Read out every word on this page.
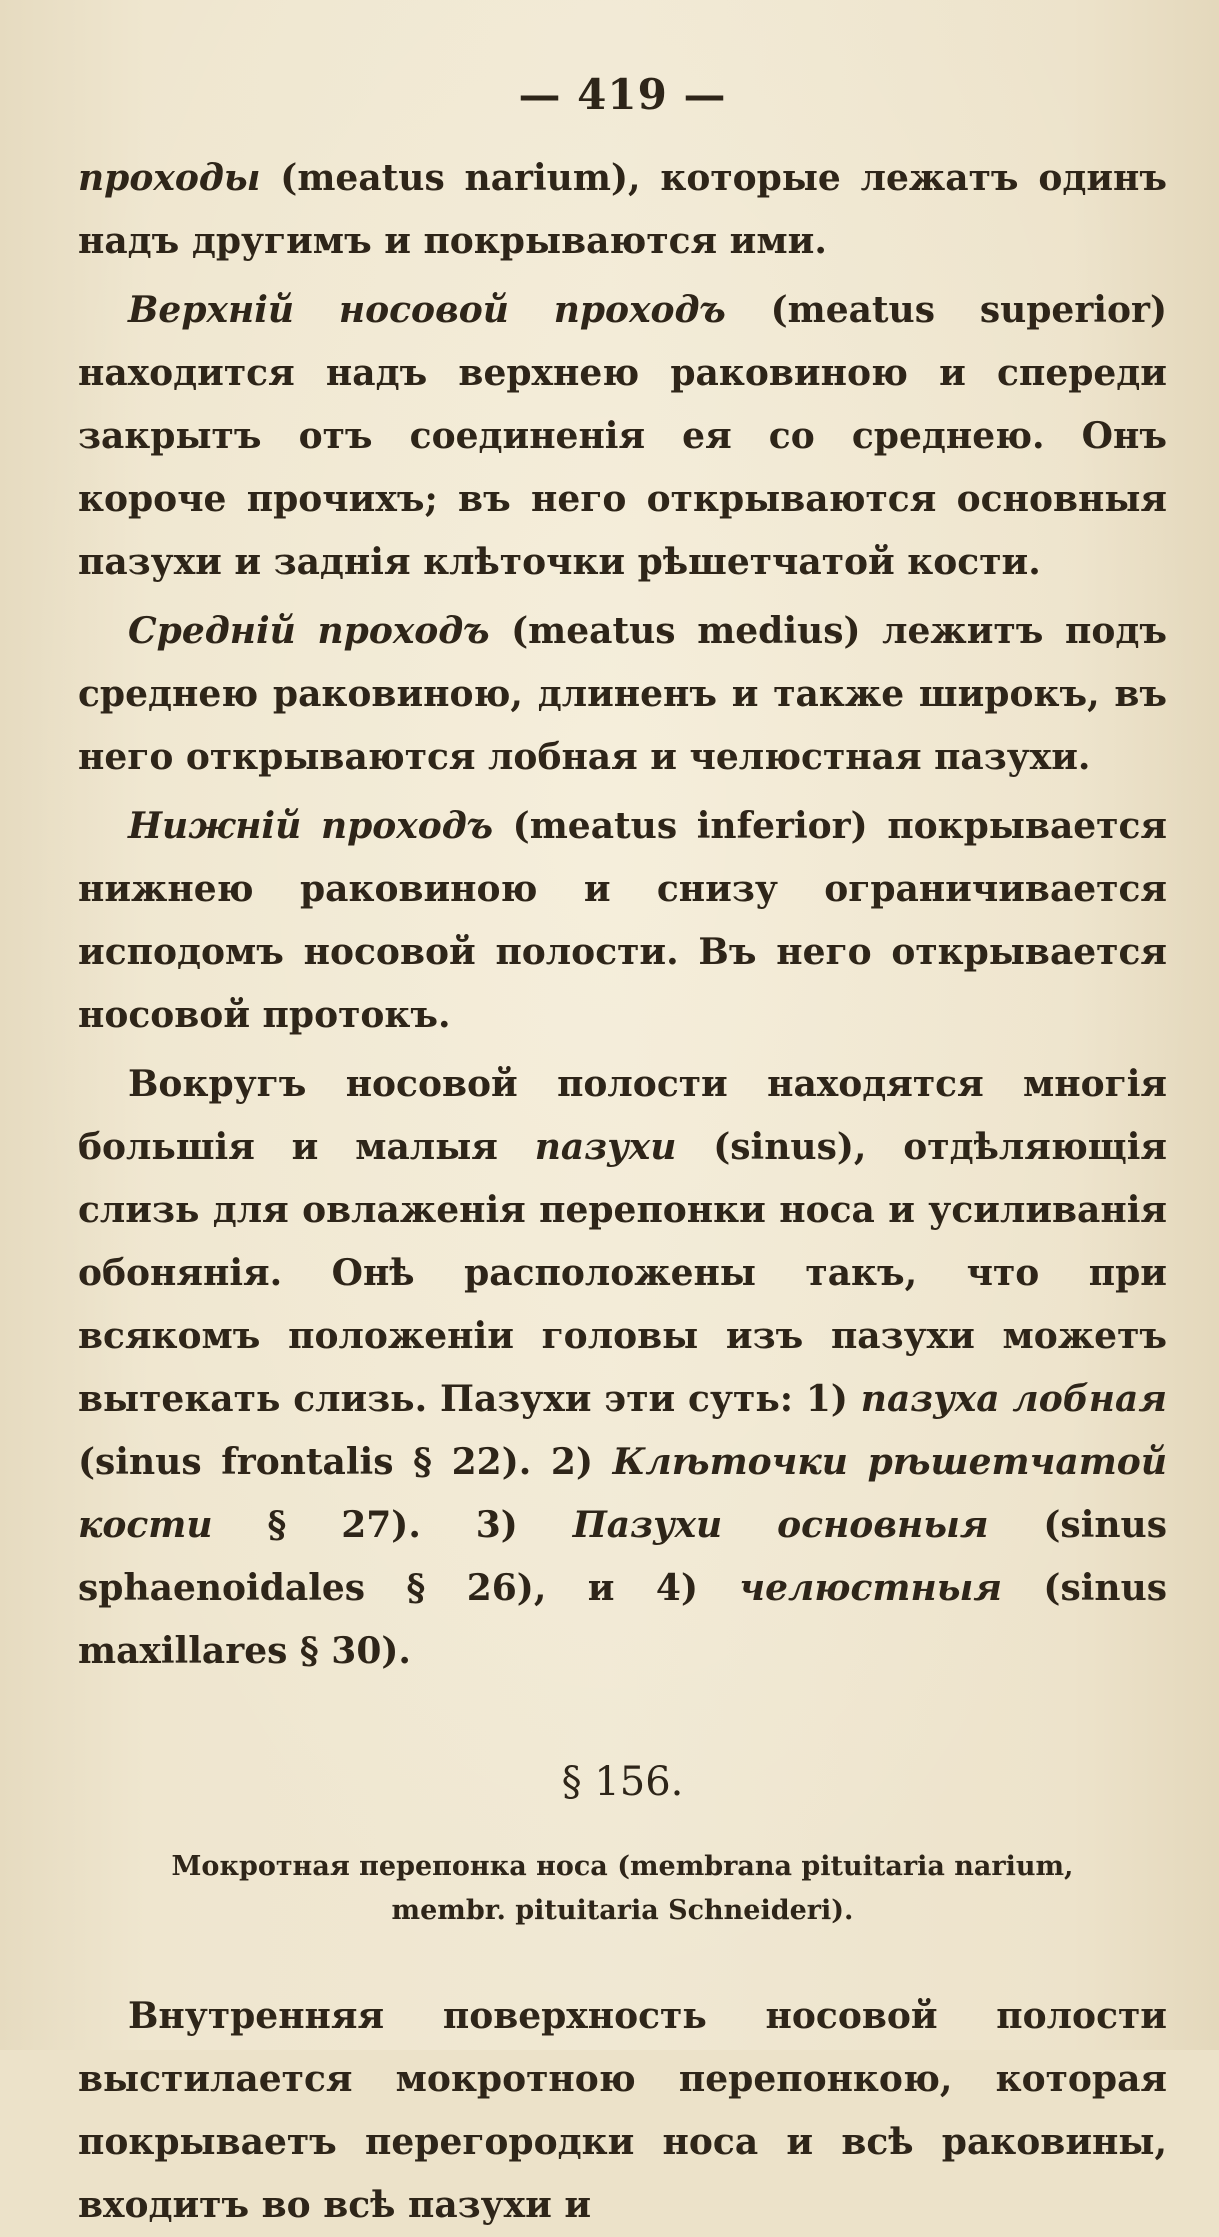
— 419 —

проходы (meatus narium), которые лежатъ одинъ надъ другимъ и покрываются ими.

Верхній носовой проходъ (meatus superior) находится надъ верхнею раковиною и спереди закрытъ отъ соединенія ея со среднею. Онъ короче прочихъ; въ него открываются основныя пазухи и заднія клѣточки рѣшетчатой кости.

Средній проходъ (meatus medius) лежитъ подъ среднею раковиною, длиненъ и также широкъ, въ него открываются лобная и челюстная пазухи.

Нижній проходъ (meatus inferior) покрывается нижнею раковиною и снизу ограничивается исподомъ носовой полости. Въ него открывается носовой протокъ.

Вокругъ носовой полости находятся многія большія и малыя пазухи (sinus), отдѣляющія слизь для овлаженія перепонки носа и усиливанія обонянія. Онѣ расположены такъ, что при всякомъ положеніи головы изъ пазухи можетъ вытекать слизь. Пазухи эти суть: 1) пазуха лобная (sinus frontalis § 22). 2) Клѣточки рѣшетчатой кости § 27). 3) Пазухи основныя (sinus sphaenoidales § 26), и 4) челюстныя (sinus maxillares § 30).

§ 156.
Мокротная перепонка носа (membrana pituitaria narium, membr. pituitaria Schneideri).

Внутренняя поверхность носовой полости выстилается мокротною перепонкою, которая покрываетъ перегородки носа и всѣ раковины, входитъ во всѣ пазухи и
